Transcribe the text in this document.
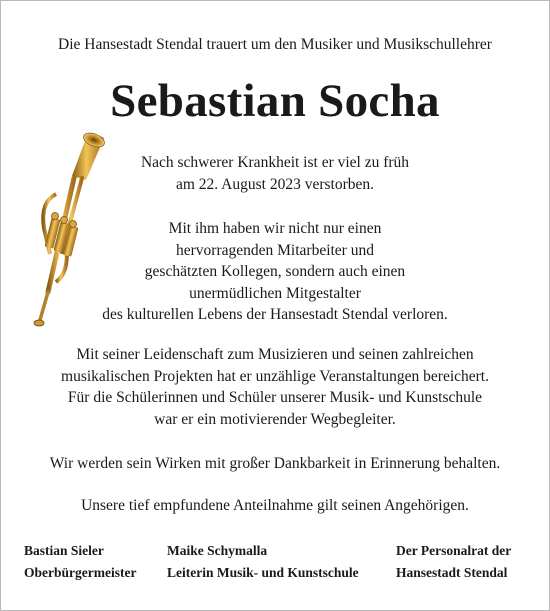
Die Hansestadt Stendal trauert um den Musiker und Musikschullehrer
Sebastian Socha

Nach schwerer Krankheit ist er viel zu früh

am 22. August 2023 verstorben.

Mit ihm haben wir nicht nur einen

hervorragenden Mitarbeiter und

geschätzten Kollegen, sondern auch einen

unermüdlichen Mitgestalter

des kulturellen Lebens der Hansestadt Stendal verloren.

Mit seiner Leidenschaft zum Musizieren und seinen zahlreichen

musikalischen Projekten hat er unzählige Veranstaltungen bereichert.

Für die Schülerinnen und Schüler unserer Musik- und Kunstschule

war er ein motivierender Wegbegleiter.

Wir werden sein Wirken mit großer Dankbarkeit in Erinnerung behalten.

Unsere tief empfundene Anteilnahme gilt seinen Angehörigen.

Bastian Sieler

Oberbürgermeister

Maike Schymalla

Leiterin Musik- und Kunstschule

Der Personalrat der

Hansestadt Stendal
